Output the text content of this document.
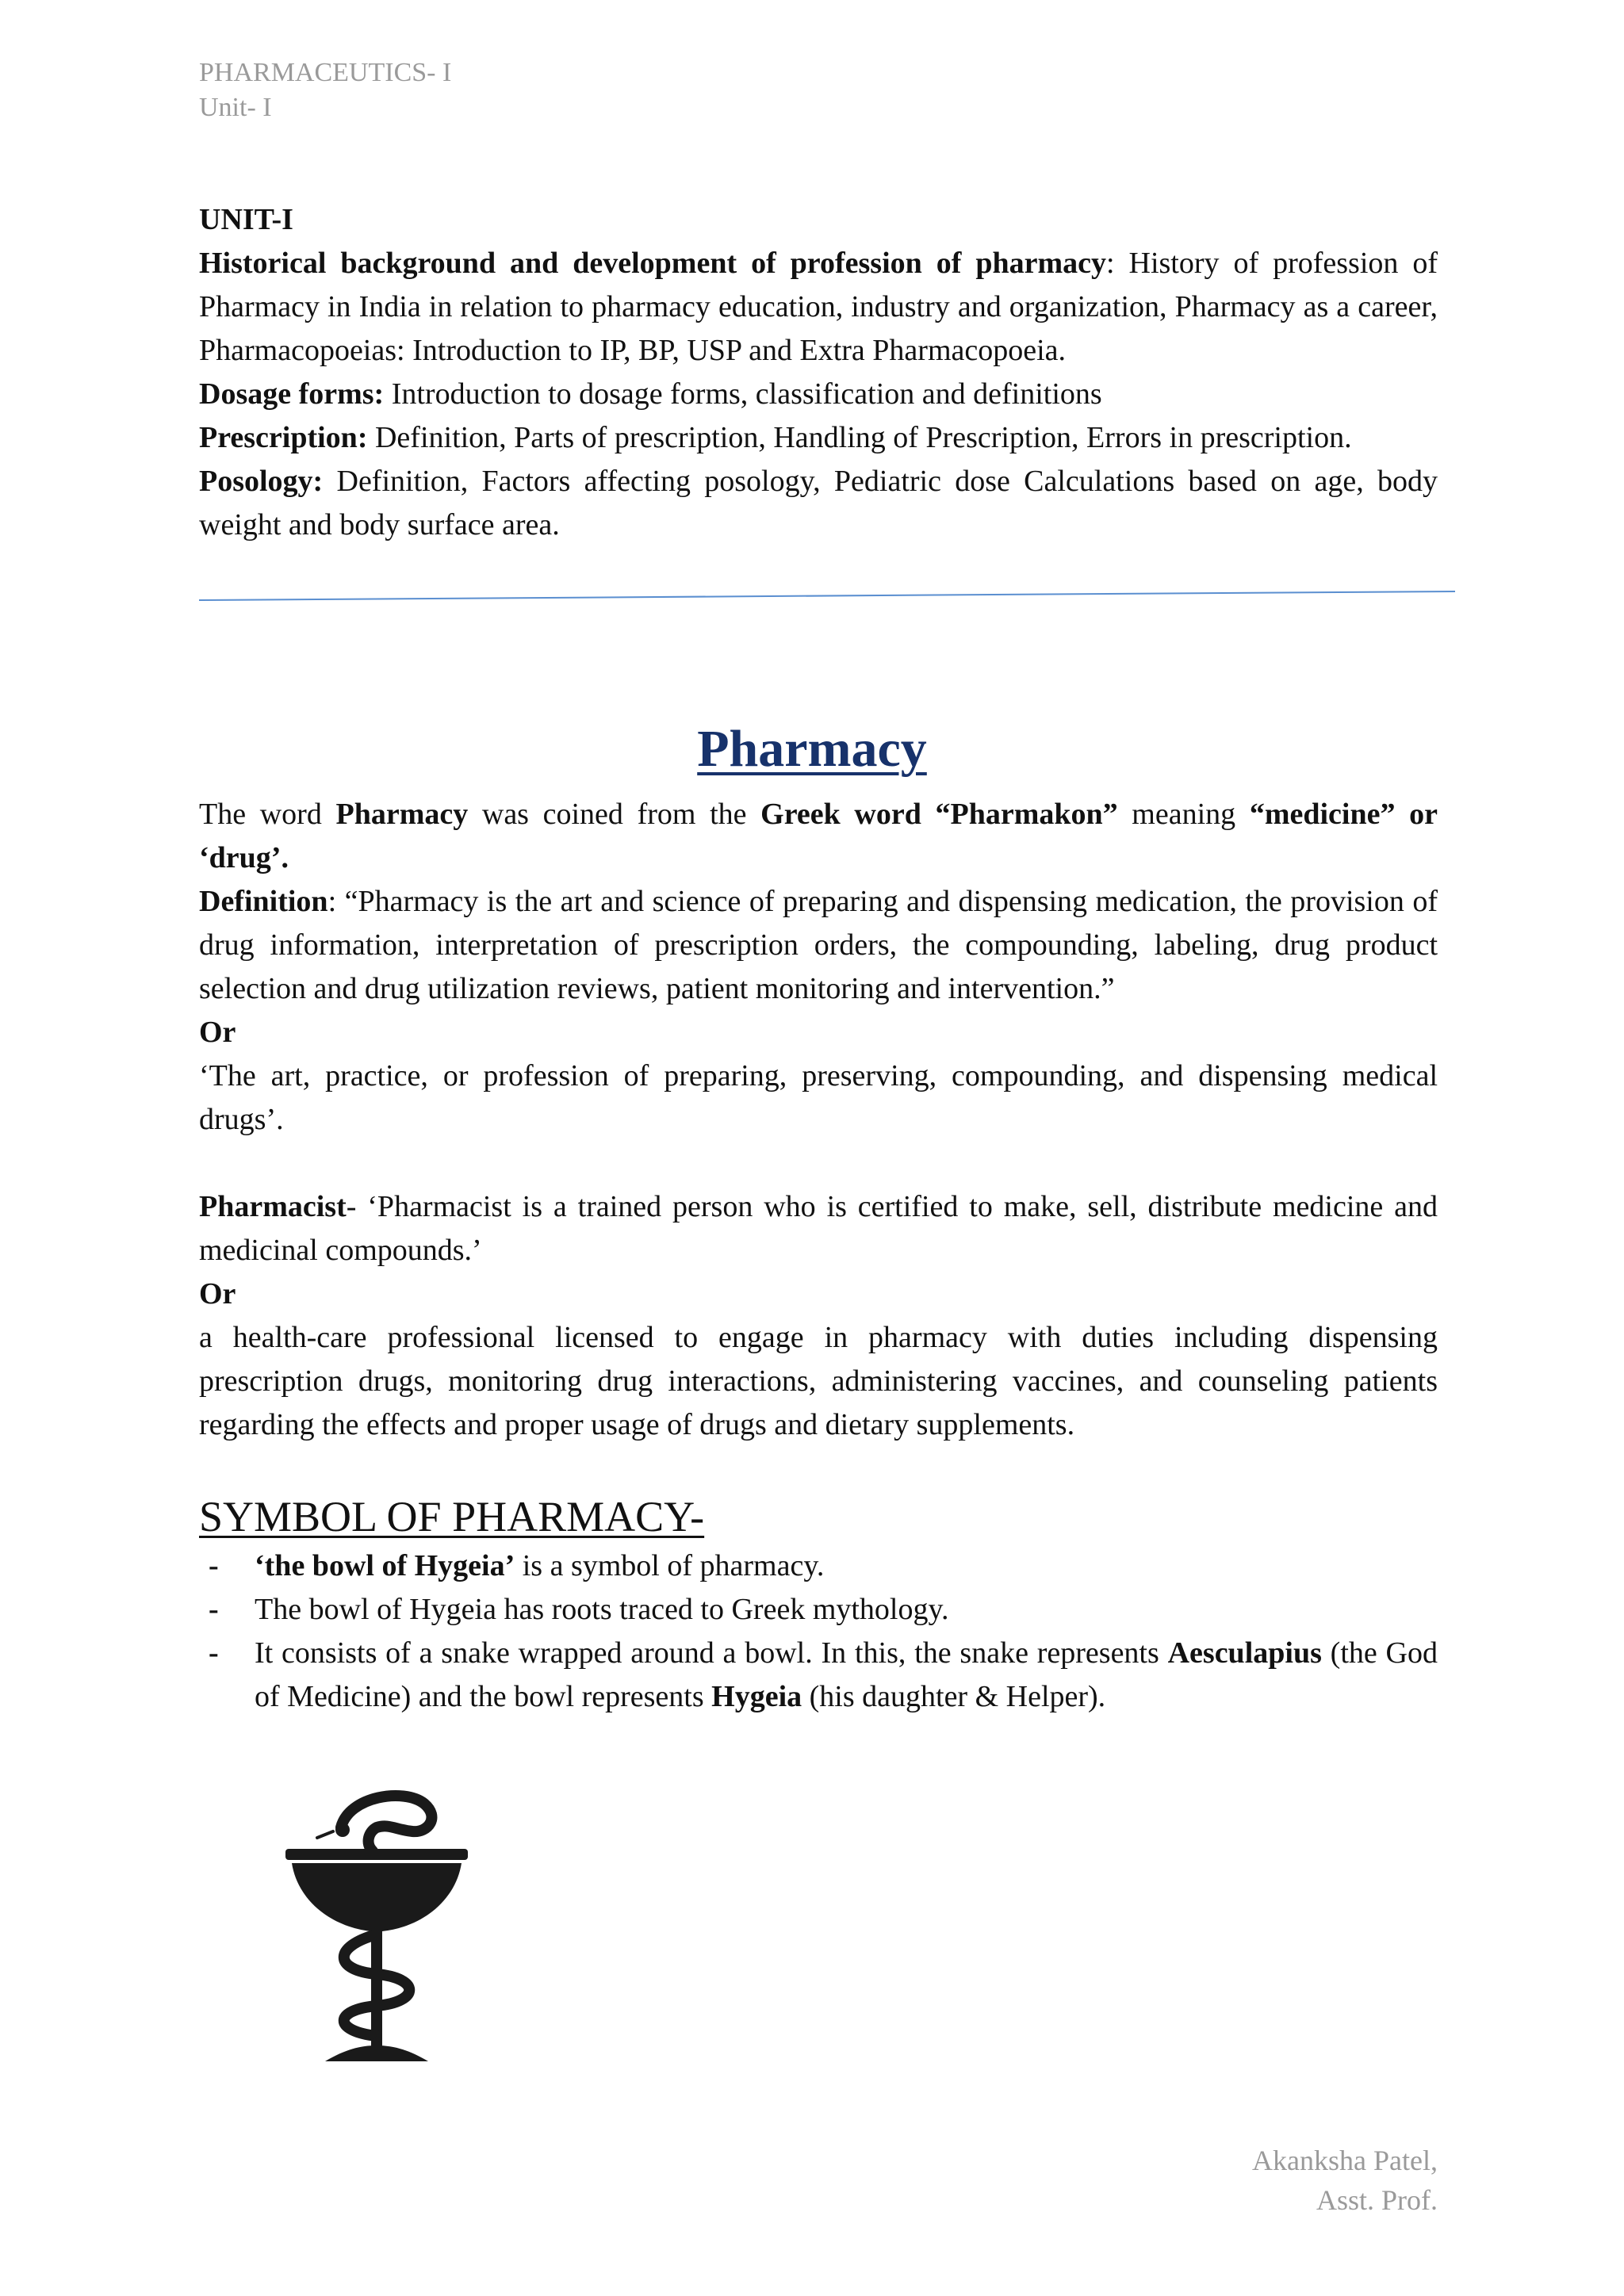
PHARMACEUTICS- I
Unit- I

UNIT-I

Historical background and development of profession of pharmacy: History of profession of Pharmacy in India in relation to pharmacy education, industry and organization, Pharmacy as a career, Pharmacopoeias: Introduction to IP, BP, USP and Extra Pharmacopoeia.

Dosage forms: Introduction to dosage forms, classification and definitions

Prescription: Definition, Parts of prescription, Handling of Prescription, Errors in prescription.

Posology: Definition, Factors affecting posology, Pediatric dose Calculations based on age, body weight and body surface area.

Pharmacy

The word Pharmacy was coined from the Greek word “Pharmakon” meaning “medicine” or ‘drug’.

Definition: “Pharmacy is the art and science of preparing and dispensing medication, the provision of drug information, interpretation of prescription orders, the compounding, labeling, drug product selection and drug utilization reviews, patient monitoring and intervention.”

Or

‘The art, practice, or profession of preparing, preserving, compounding, and dispensing medical drugs’.

Pharmacist- ‘Pharmacist is a trained person who is certified to make, sell, distribute medicine and medicinal compounds.’

Or

a health-care professional licensed to engage in pharmacy with duties including dispensing prescription drugs, monitoring drug interactions, administering vaccines, and counseling patients regarding the effects and proper usage of drugs and dietary supplements.

SYMBOL OF PHARMACY-
- ‘the bowl of Hygeia’ is a symbol of pharmacy.
- The bowl of Hygeia has roots traced to Greek mythology.
- It consists of a snake wrapped around a bowl. In this, the snake represents Aesculapius (the God of Medicine) and the bowl represents Hygeia (his daughter & Helper).
Akanksha Patel,
Asst. Prof.
